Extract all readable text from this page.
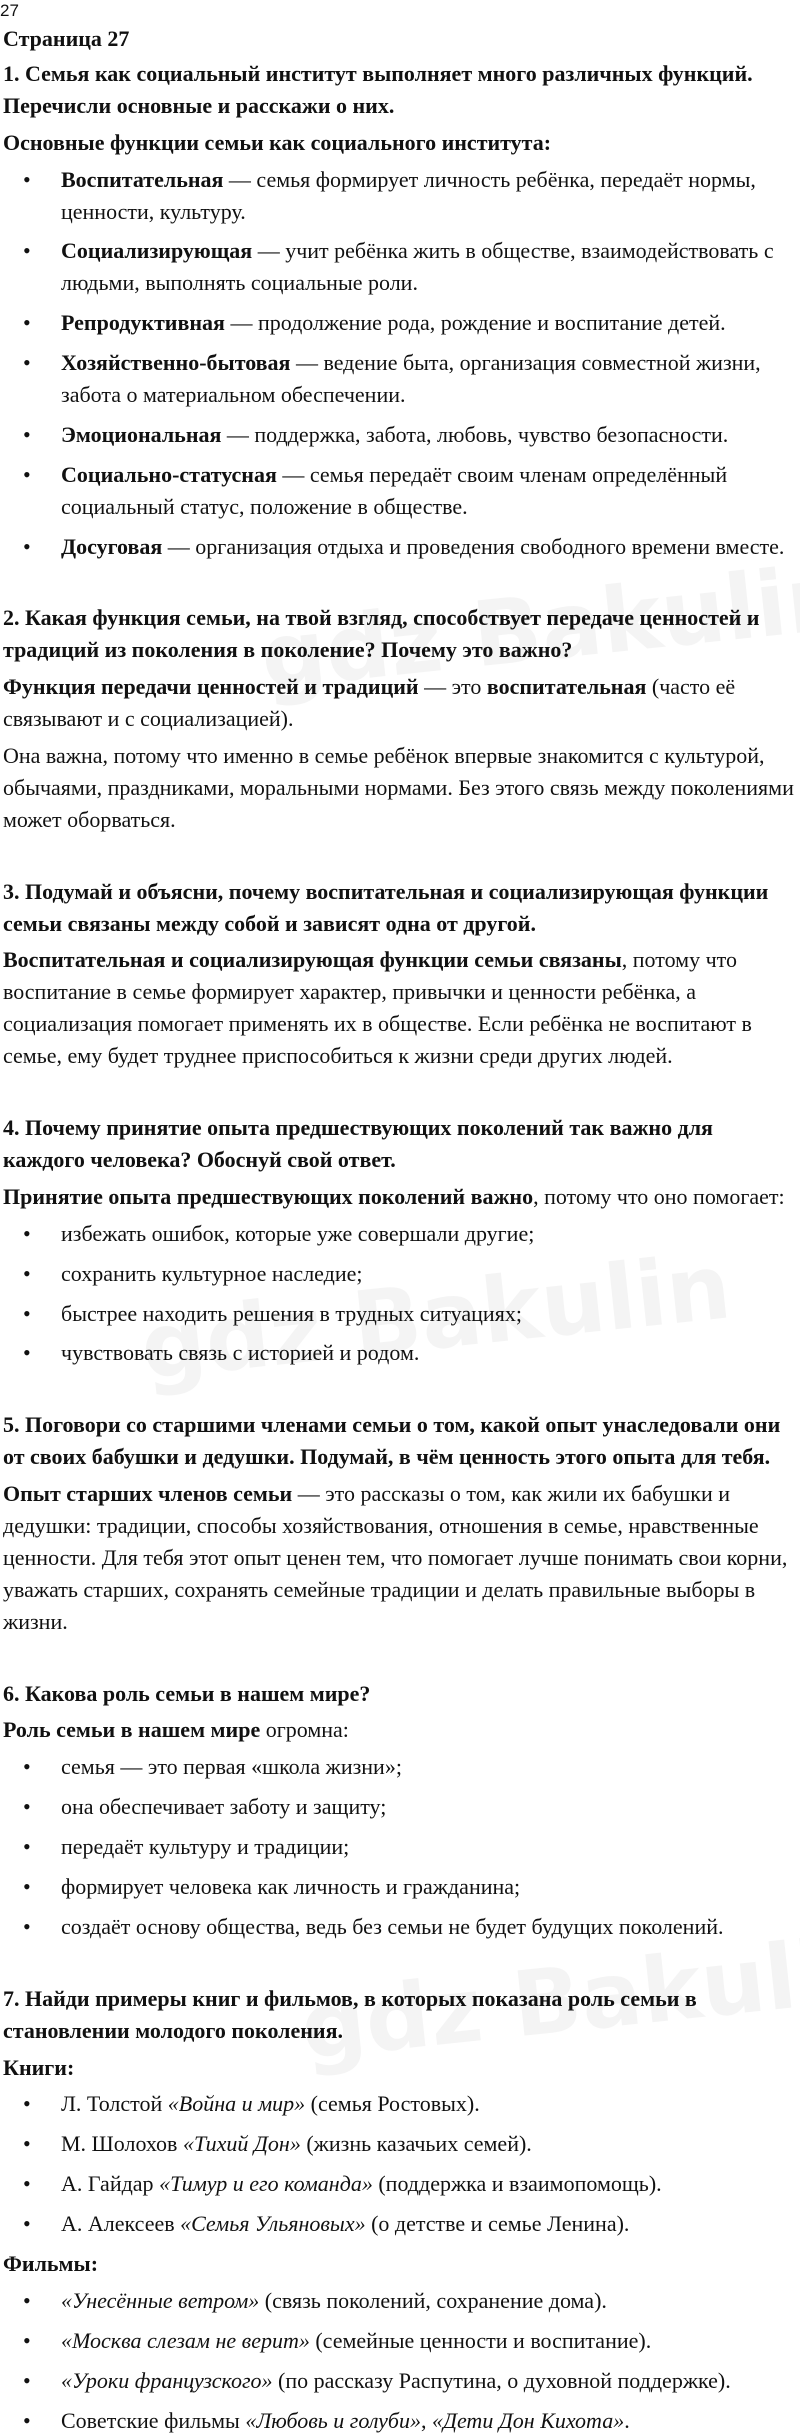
27
Страница 27
1. Семья как социальный институт выполняет много различных функций. Перечисли основные и расскажи о них.

Основные функции семьи как социального института:

• Воспитательная — семья формирует личность ребёнка, передаёт нормы, ценности, культуру.
• Социализирующая — учит ребёнка жить в обществе, взаимодействовать с людьми, выполнять социальные роли.
• Репродуктивная — продолжение рода, рождение и воспитание детей.
• Хозяйственно-бытовая — ведение быта, организация совместной жизни, забота о материальном обеспечении.
• Эмоциональная — поддержка, забота, любовь, чувство безопасности.
• Социально-статусная — семья передаёт своим членам определённый социальный статус, положение в обществе.
• Досуговая — организация отдыха и проведения свободного времени вместе.
2. Какая функция семьи, на твой взгляд, способствует передаче ценностей и традиций из поколения в поколение? Почему это важно?

Функция передачи ценностей и традиций — это воспитательная (часто её связывают и с социализацией).

Она важна, потому что именно в семье ребёнок впервые знакомится с культурой, обычаями, праздниками, моральными нормами. Без этого связь между поколениями может оборваться.

3. Подумай и объясни, почему воспитательная и социализирующая функции семьи связаны между собой и зависят одна от другой.

Воспитательная и социализирующая функции семьи связаны, потому что воспитание в семье формирует характер, привычки и ценности ребёнка, а социализация помогает применять их в обществе. Если ребёнка не воспитают в семье, ему будет труднее приспособиться к жизни среди других людей.

4. Почему принятие опыта предшествующих поколений так важно для каждого человека? Обоснуй свой ответ.

Принятие опыта предшествующих поколений важно, потому что оно помогает:

• избежать ошибок, которые уже совершали другие;
• сохранить культурное наследие;
• быстрее находить решения в трудных ситуациях;
• чувствовать связь с историей и родом.
5. Поговори со старшими членами семьи о том, какой опыт унаследовали они от своих бабушки и дедушки. Подумай, в чём ценность этого опыта для тебя.

Опыт старших членов семьи — это рассказы о том, как жили их бабушки и дедушки: традиции, способы хозяйствования, отношения в семье, нравственные ценности. Для тебя этот опыт ценен тем, что помогает лучше понимать свои корни, уважать старших, сохранять семейные традиции и делать правильные выборы в жизни.

6. Какова роль семьи в нашем мире?

Роль семьи в нашем мире огромна:

• семья — это первая «школа жизни»;
• она обеспечивает заботу и защиту;
• передаёт культуру и традиции;
• формирует человека как личность и гражданина;
• создаёт основу общества, ведь без семьи не будет будущих поколений.
7. Найди примеры книг и фильмов, в которых показана роль семьи в становлении молодого поколения.

Книги:

• Л. Толстой «Война и мир» (семья Ростовых).
• М. Шолохов «Тихий Дон» (жизнь казачьих семей).
• А. Гайдар «Тимур и его команда» (поддержка и взаимопомощь).
• А. Алексеев «Семья Ульяновых» (о детстве и семье Ленина).

Фильмы:

• «Унесённые ветром» (связь поколений, сохранение дома).
• «Москва слезам не верит» (семейные ценности и воспитание).
• «Уроки французского» (по рассказу Распутина, о духовной поддержке).
• Советские фильмы «Любовь и голуби», «Дети Дон Кихота».
